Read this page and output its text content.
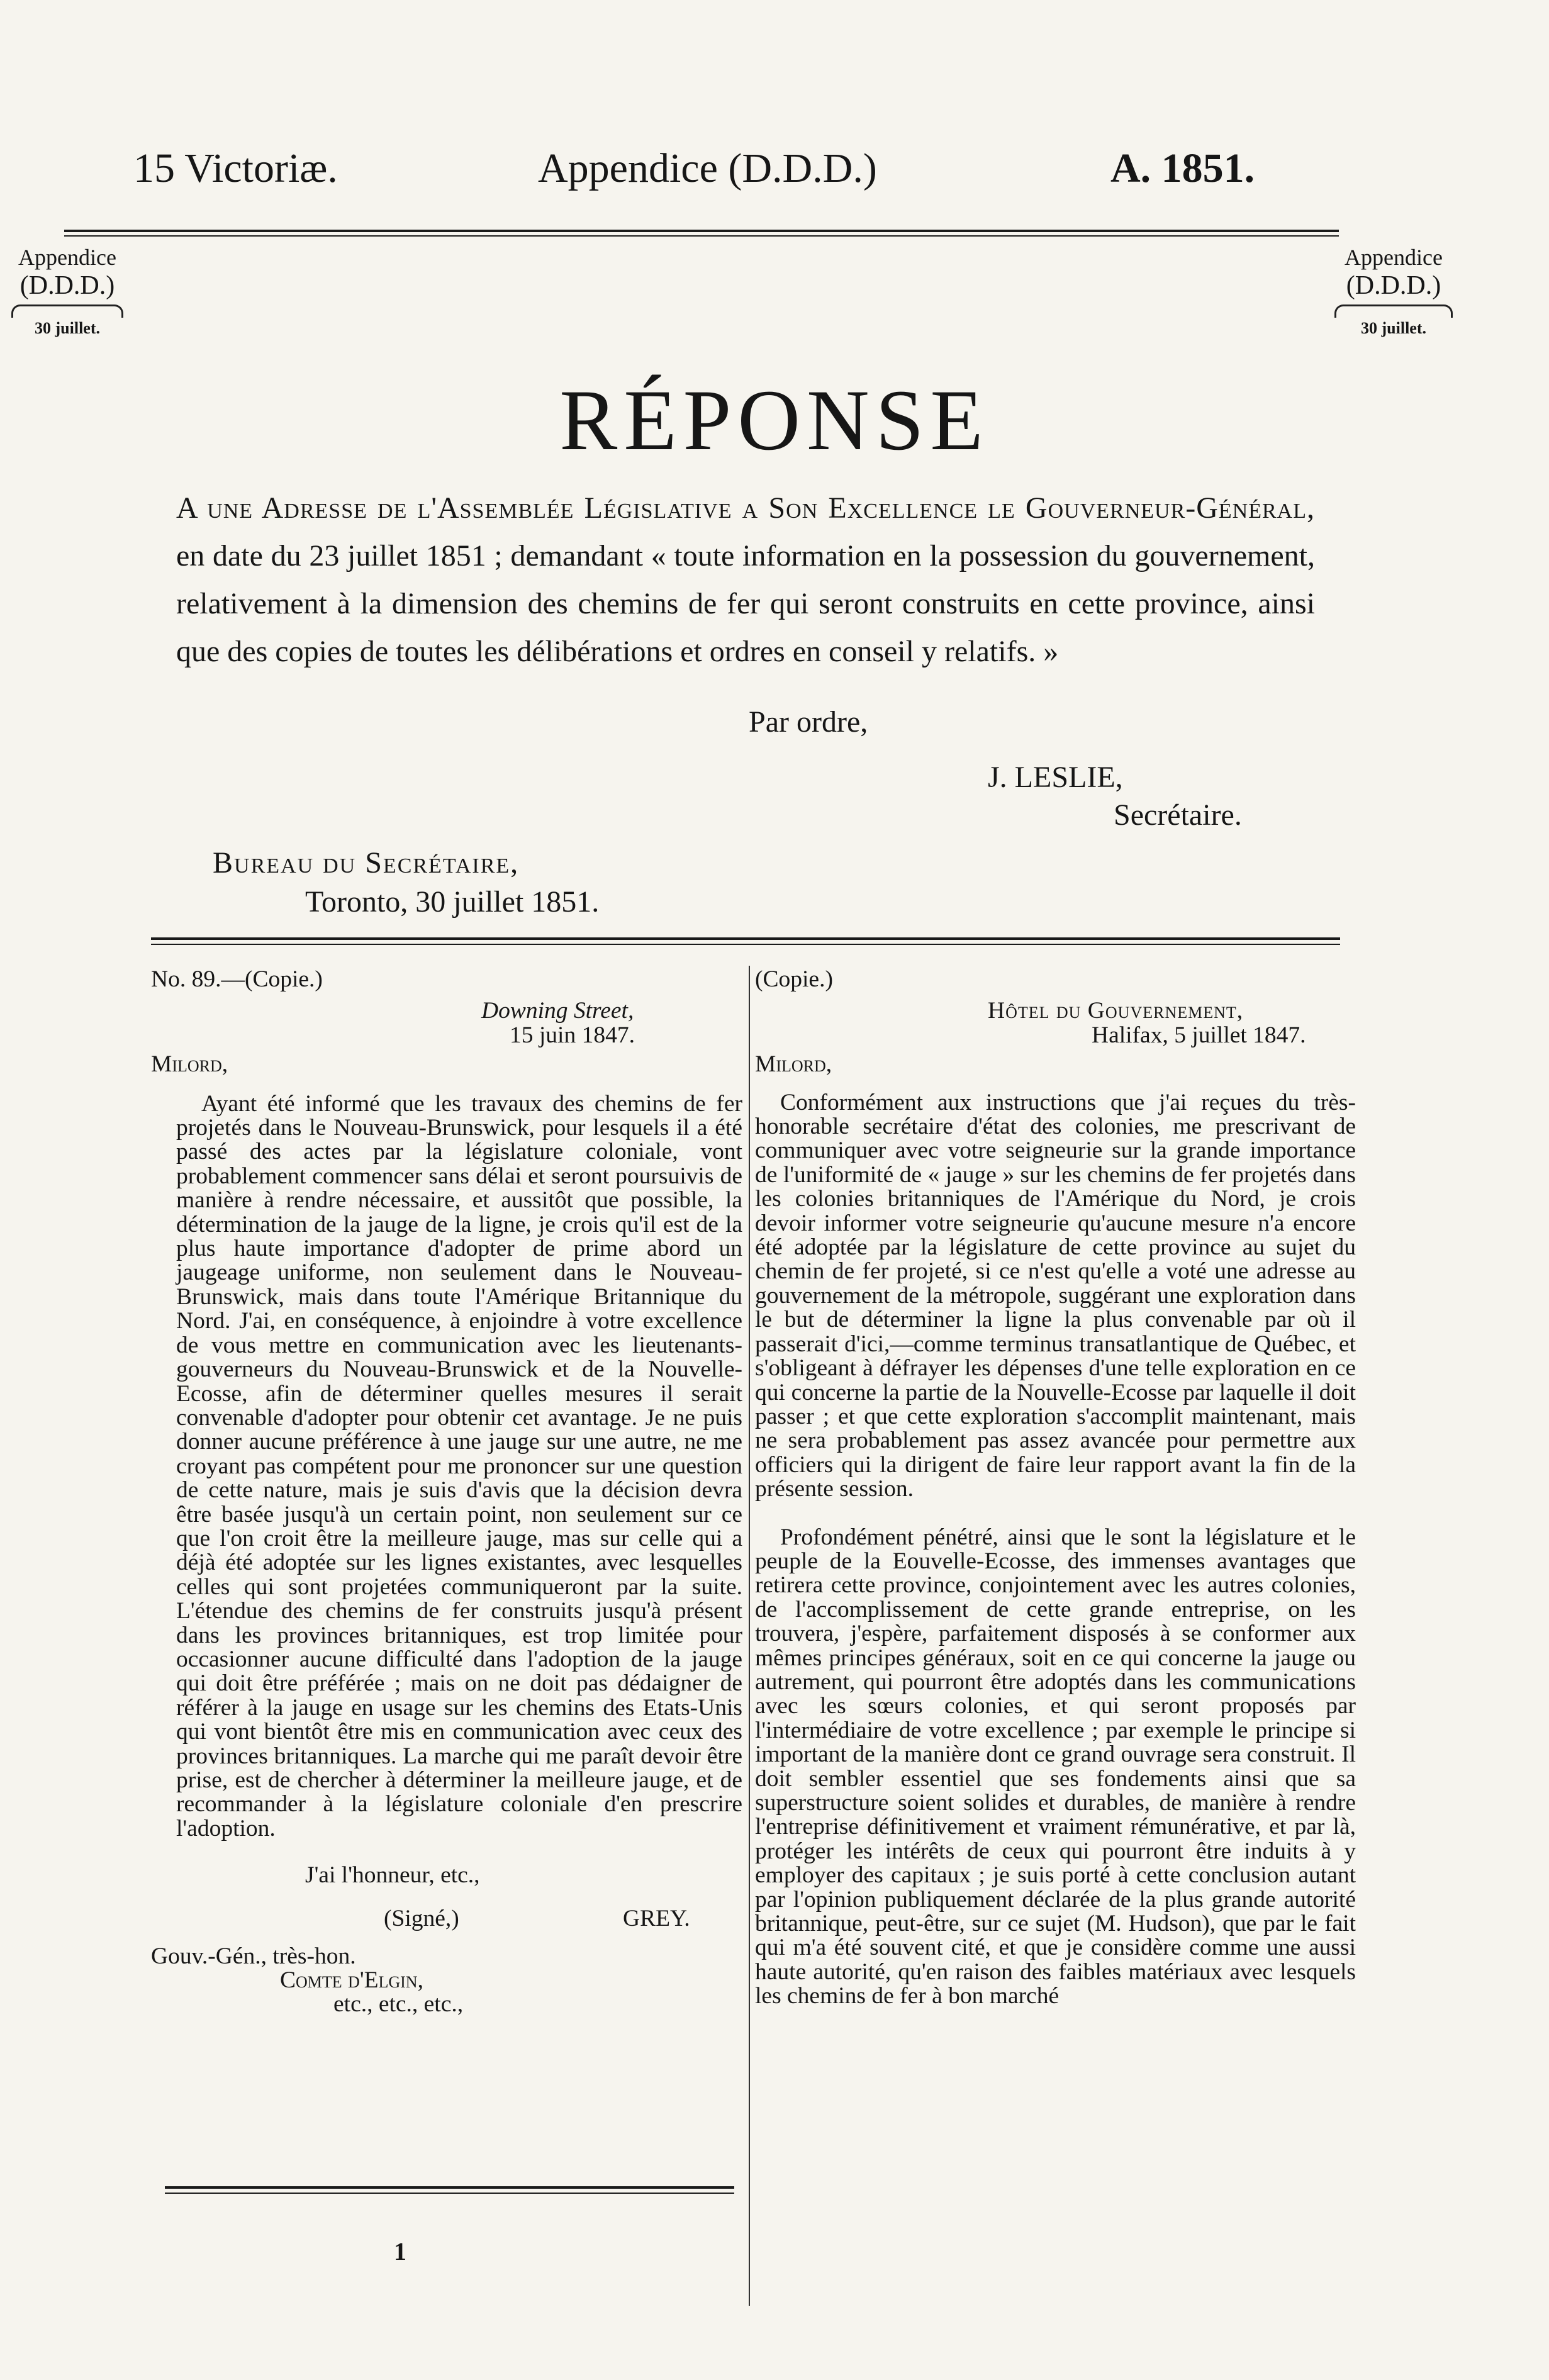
15 Victoriæ.	Appendice (D.D.D.)	A. 1851.
Appendice
(D.D.D.)
30 juillet.
Appendice
(D.D.D.)
30 juillet.
RÉPONSE
A une Adresse de l'Assemblée Législative a Son Excellence le Gouverneur-Général, en date du 23 juillet 1851 ; demandant « toute information en la possession du gouvernement, relativement à la dimension des chemins de fer qui seront construits en cette province, ainsi que des copies de toutes les délibérations et ordres en conseil y relatifs. »
Par ordre,
J. LESLIE,
Secrétaire.
Bureau du Secrétaire,
Toronto, 30 juillet 1851.
No. 89.—(Copie.)
Downing Street,
15 juin 1847.
Milord,

Ayant été informé que les travaux des chemins de fer projetés dans le Nouveau-Brunswick, pour lesquels il a été passé des actes par la législature coloniale, vont probablement commencer sans délai et seront poursuivis de manière à rendre nécessaire, et aussitôt que possible, la détermination de la jauge de la ligne, je crois qu'il est de la plus haute importance d'adopter de prime abord un jaugeage uniforme, non seulement dans le Nouveau-Brunswick, mais dans toute l'Amérique Britannique du Nord. J'ai, en conséquence, à enjoindre à votre excellence de vous mettre en communication avec les lieutenants-gouverneurs du Nouveau-Brunswick et de la Nouvelle-Ecosse, afin de déterminer quelles mesures il serait convenable d'adopter pour obtenir cet avantage. Je ne puis donner aucune préférence à une jauge sur une autre, ne me croyant pas compétent pour me prononcer sur une question de cette nature, mais je suis d'avis que la décision devra être basée jusqu'à un certain point, non seulement sur ce que l'on croit être la meilleure jauge, mas sur celle qui a déjà été adoptée sur les lignes existantes, avec lesquelles celles qui sont projetées communiqueront par la suite. L'étendue des chemins de fer construits jusqu'à présent dans les provinces britanniques, est trop limitée pour occasionner aucune difficulté dans l'adoption de la jauge qui doit être préférée ; mais on ne doit pas dédaigner de référer à la jauge en usage sur les chemins des Etats-Unis qui vont bientôt être mis en communication avec ceux des provinces britanniques. La marche qui me paraît devoir être prise, est de chercher à déterminer la meilleure jauge, et de recommander à la législature coloniale d'en prescrire l'adoption.

J'ai l'honneur, etc.,
(Signé,)	GREY.
Gouv.-Gén., très-hon.
Comte d'Elgin,
etc., etc., etc.,
1
(Copie.)
Hôtel du Gouvernement,
Halifax, 5 juillet 1847.
Milord,

Conformément aux instructions que j'ai reçues du très-honorable secrétaire d'état des colonies, me prescrivant de communiquer avec votre seigneurie sur la grande importance de l'uniformité de « jauge » sur les chemins de fer projetés dans les colonies britanniques de l'Amérique du Nord, je crois devoir informer votre seigneurie qu'aucune mesure n'a encore été adoptée par la législature de cette province au sujet du chemin de fer projeté, si ce n'est qu'elle a voté une adresse au gouvernement de la métropole, suggérant une exploration dans le but de déterminer la ligne la plus convenable par où il passerait d'ici,—comme terminus transatlantique de Québec, et s'obligeant à défrayer les dépenses d'une telle exploration en ce qui concerne la partie de la Nouvelle-Ecosse par laquelle il doit passer ; et que cette exploration s'accomplit maintenant, mais ne sera probablement pas assez avancée pour permettre aux officiers qui la dirigent de faire leur rapport avant la fin de la présente session.

Profondément pénétré, ainsi que le sont la législature et le peuple de la Eouvelle-Ecosse, des immenses avantages que retirera cette province, conjointement avec les autres colonies, de l'accomplissement de cette grande entreprise, on les trouvera, j'espère, parfaitement disposés à se conformer aux mêmes principes généraux, soit en ce qui concerne la jauge ou autrement, qui pourront être adoptés dans les communications avec les sœurs colonies, et qui seront proposés par l'intermédiaire de votre excellence ; par exemple le principe si important de la manière dont ce grand ouvrage sera construit. Il doit sembler essentiel que ses fondements ainsi que sa superstructure soient solides et durables, de manière à rendre l'entreprise définitivement et vraiment rémunérative, et par là, protéger les intérêts de ceux qui pourront être induits à y employer des capitaux ; je suis porté à cette conclusion autant par l'opinion publiquement déclarée de la plus grande autorité britannique, peut-être, sur ce sujet (M. Hudson), que par le fait qui m'a été souvent cité, et que je considère comme une aussi haute autorité, qu'en raison des faibles matériaux avec lesquels les chemins de fer à bon marché
